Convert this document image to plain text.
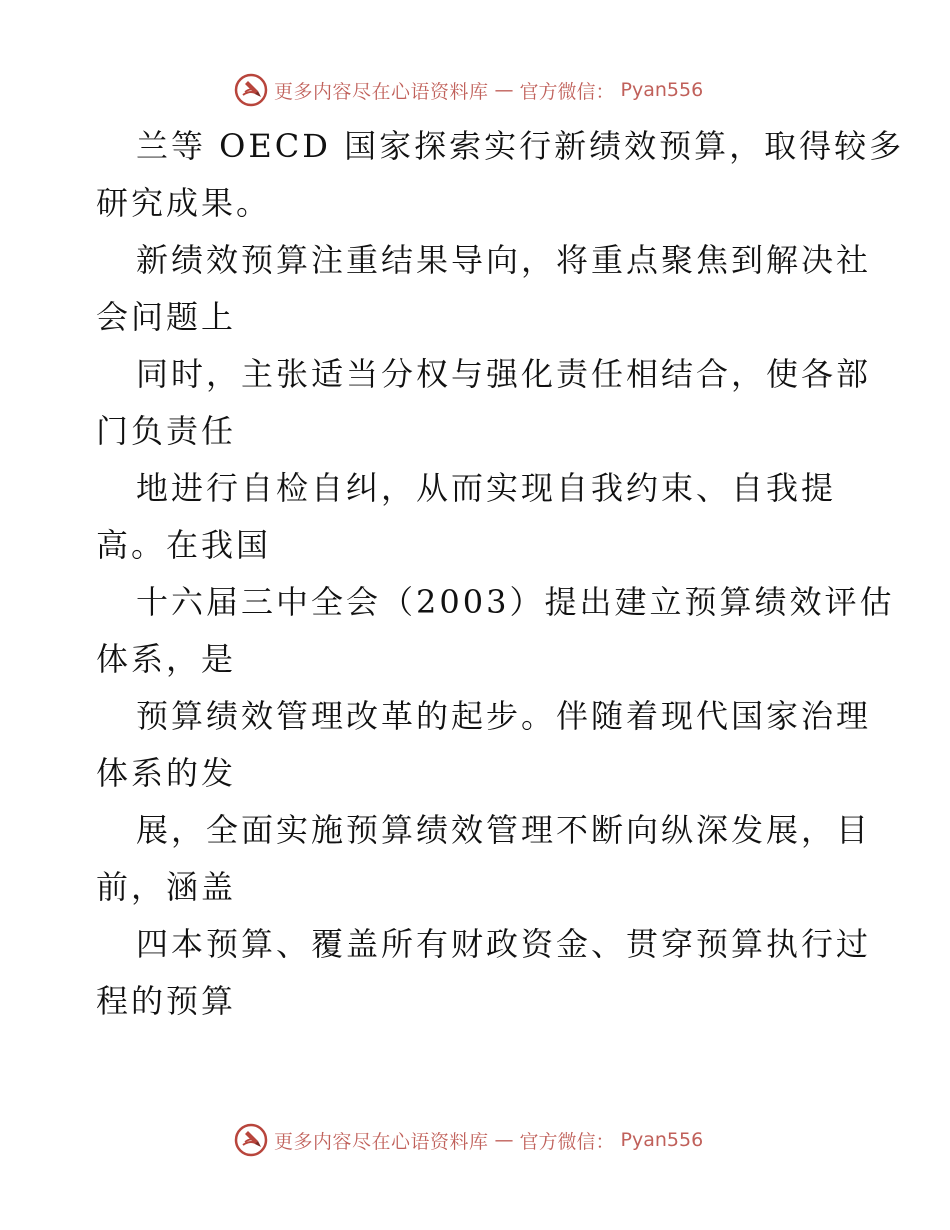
更多内容尽在心语资料库 — 官方微信： Pyan556
兰等 OECD 国家探索实行新绩效预算，取得较多
研究成果。
新绩效预算注重结果导向，将重点聚焦到解决社
会问题上
同时，主张适当分权与强化责任相结合，使各部
门负责任
地进行自检自纠，从而实现自我约束、自我提
高。在我国
十六届三中全会（2003）提出建立预算绩效评估
体系，是
预算绩效管理改革的起步。伴随着现代国家治理
体系的发
展，全面实施预算绩效管理不断向纵深发展，目
前，涵盖
四本预算、覆盖所有财政资金、贯穿预算执行过
程的预算
更多内容尽在心语资料库 — 官方微信： Pyan556
